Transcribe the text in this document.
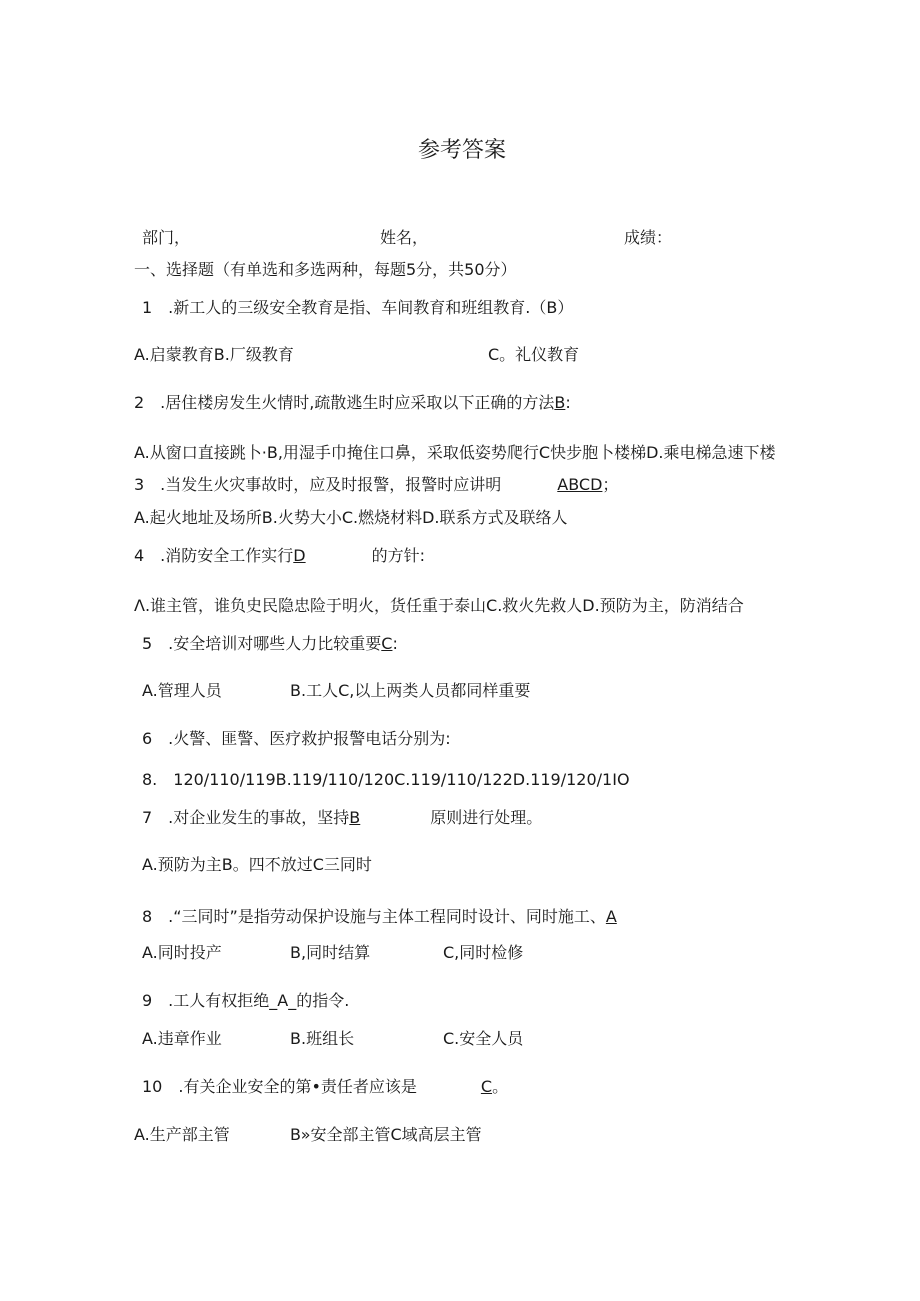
参考答案
部门，	姓名，	成绩：
一、选择题（有单选和多选两种，每题5分，共50分）
1　.新工人的三级安全教育是指、车间教育和班组教育.（B）
A.启蒙教育B.厂级教育	C。礼仪教育
2　.居住楼房发生火情时,疏散逃生时应采取以下正确的方法B:
A.从窗口直接跳卜·B,用湿手巾掩住口鼻，采取低姿势爬行C快步胞卜楼梯D.乘电梯急速下楼
3　.当发生火灾事故时，应及时报警，报警时应讲明	ABCD；
A.起火地址及场所B.火势大小C.燃烧材料D.联系方式及联络人
4　.消防安全工作实行D	的方针:
Λ.谁主管，谁负史民隐忠险于明火，货任重于泰山C.救火先救人D.预防为主，防消结合
5　.安全培训对哪些人力比较重要C:
A.管理人员	B.工人C,以上两类人员都同样重要
6　.火警、匪警、医疗救护报警电话分别为:
8.　120/110/119B.119/110/120C.119/110/122D.119/120/1IO
7　.对企业发生的事故，坚持B	原则进行处理。
A.预防为主B。四不放过C三同时
8　.“三同时”是指劳动保护设施与主体工程同时设计、同时施工、A
A.同时投产	B,同时结算	C,同时检修
9　.工人有权拒绝_A_的指令.
A.违章作业	B.班组长	C.安全人员
10　.有关企业安全的第•责任者应该是	C。
A.生产部主管	B»安全部主管C域高层主管
